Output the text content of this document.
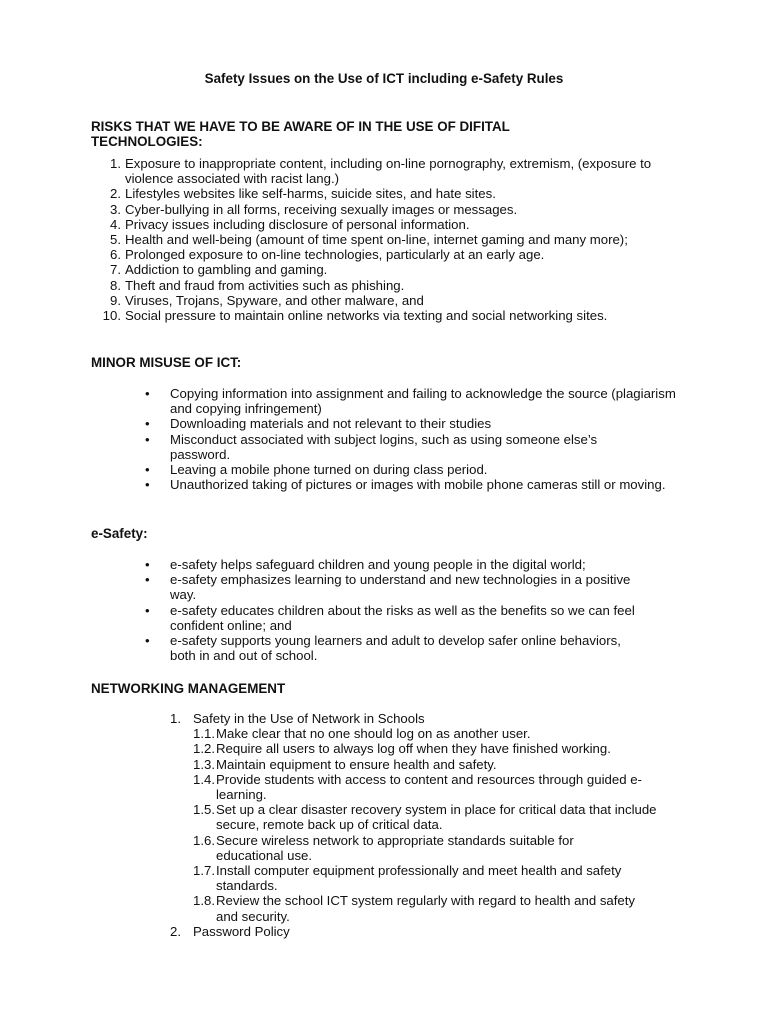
Safety Issues on the Use of ICT including e-Safety Rules
RISKS THAT WE HAVE TO BE AWARE OF IN THE USE OF DIFITAL
TECHNOLOGIES:
1. Exposure to inappropriate content, including on-line pornography, extremism, (exposure to violence associated with racist lang.)
2. Lifestyles websites like self-harms, suicide sites, and hate sites.
3. Cyber-bullying in all forms, receiving sexually images or messages.
4. Privacy issues including disclosure of personal information.
5. Health and well-being (amount of time spent on-line, internet gaming and many more);
6. Prolonged exposure to on-line technologies, particularly at an early age.
7. Addiction to gambling and gaming.
8. Theft and fraud from activities such as phishing.
9. Viruses, Trojans, Spyware, and other malware, and
10. Social pressure to maintain online networks via texting and social networking sites.
MINOR MISUSE OF ICT:
• Copying information into assignment and failing to acknowledge the source (plagiarism and copying infringement)
• Downloading materials and not relevant to their studies
• Misconduct associated with subject logins, such as using someone else’s password.
• Leaving a mobile phone turned on during class period.
• Unauthorized taking of pictures or images with mobile phone cameras still or moving.
e-Safety:
• e-safety helps safeguard children and young people in the digital world;
• e-safety emphasizes learning to understand and new technologies in a positive way.
• e-safety educates children about the risks as well as the benefits so we can feel confident online; and
• e-safety supports young learners and adult to develop safer online behaviors, both in and out of school.
NETWORKING MANAGEMENT
1. Safety in the Use of Network in Schools
1.1. Make clear that no one should log on as another user.
1.2. Require all users to always log off when they have finished working.
1.3. Maintain equipment to ensure health and safety.
1.4. Provide students with access to content and resources through guided e-learning.
1.5. Set up a clear disaster recovery system in place for critical data that include secure, remote back up of critical data.
1.6. Secure wireless network to appropriate standards suitable for educational use.
1.7. Install computer equipment professionally and meet health and safety standards.
1.8. Review the school ICT system regularly with regard to health and safety and security.
2. Password Policy
